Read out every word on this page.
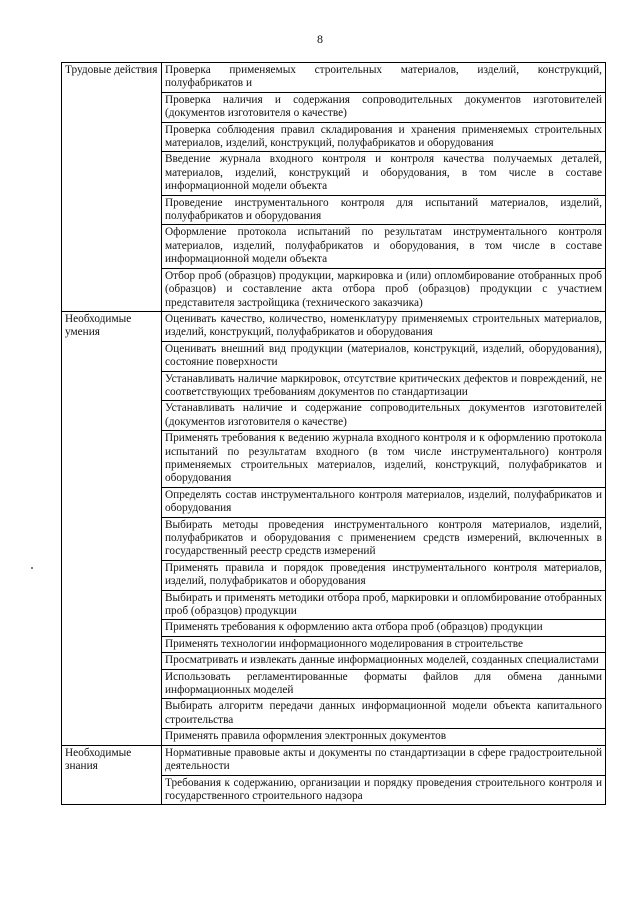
8
Трудовые действия	Проверка применяемых строительных материалов, изделий, конструкций, полуфабрикатов и
	Проверка наличия и содержания сопроводительных документов изготовителей (документов изготовителя о качестве)
	Проверка соблюдения правил складирования и хранения применяемых строительных материалов, изделий, конструкций, полуфабрикатов и оборудования
	Введение журнала входного контроля и контроля качества получаемых деталей, материалов, изделий, конструкций и оборудования, в том числе в составе информационной модели объекта
	Проведение инструментального контроля для испытаний материалов, изделий, полуфабрикатов и оборудования
	Оформление протокола испытаний по результатам инструментального контроля материалов, изделий, полуфабрикатов и оборудования, в том числе в составе информационной модели объекта
	Отбор проб (образцов) продукции, маркировка и (или) опломбирование отобранных проб (образцов) и составление акта отбора проб (образцов) продукции с участием представителя застройщика (технического заказчика)
Необходимые умения	Оценивать качество, количество, номенклатуру применяемых строительных материалов, изделий, конструкций, полуфабрикатов и оборудования
	Оценивать внешний вид продукции (материалов, конструкций, изделий, оборудования), состояние поверхности
	Устанавливать наличие маркировок, отсутствие критических дефектов и повреждений, не соответствующих требованиям документов по стандартизации
	Устанавливать наличие и содержание сопроводительных документов изготовителей (документов изготовителя о качестве)
	Применять требования к ведению журнала входного контроля и к оформлению протокола испытаний по результатам входного (в том числе инструментального) контроля применяемых строительных материалов, изделий, конструкций, полуфабрикатов и оборудования
	Определять состав инструментального контроля материалов, изделий, полуфабрикатов и оборудования
	Выбирать методы проведения инструментального контроля материалов, изделий, полуфабрикатов и оборудования с применением средств измерений, включенных в государственный реестр средств измерений
	Применять правила и порядок проведения инструментального контроля материалов, изделий, полуфабрикатов и оборудования
	Выбирать и применять методики отбора проб, маркировки и опломбирование отобранных проб (образцов) продукции
	Применять требования к оформлению акта отбора проб (образцов) продукции
	Применять технологии информационного моделирования в строительстве
	Просматривать и извлекать данные информационных моделей, созданных специалистами
	Использовать регламентированные форматы файлов для обмена данными информационных моделей
	Выбирать алгоритм передачи данных информационной модели объекта капитального строительства
	Применять правила оформления электронных документов
Необходимые знания	Нормативные правовые акты и документы по стандартизации в сфере градостроительной деятельности
	Требования к содержанию, организации и порядку проведения строительного контроля и государственного строительного надзора
